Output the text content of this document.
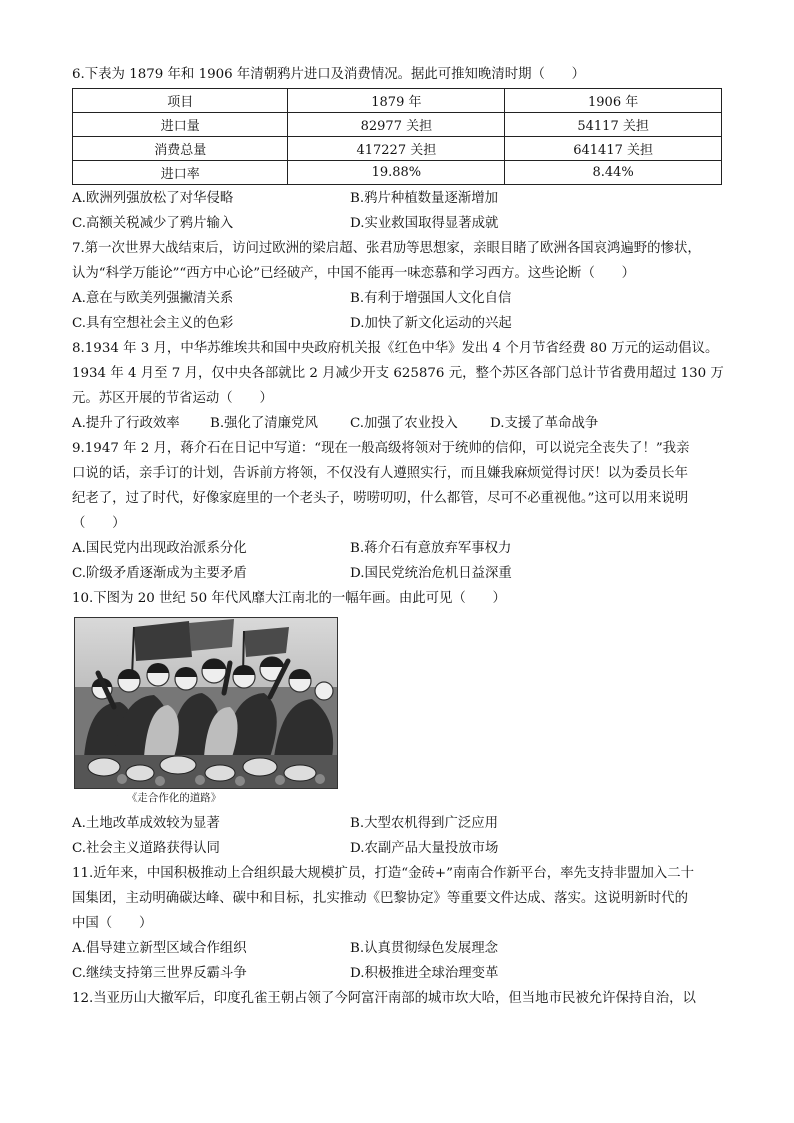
6.下表为 1879 年和 1906 年清朝鸦片进口及消费情况。据此可推知晚清时期（　　）
项目	1879 年	1906 年
进口量	82977 关担	54117 关担
消费总量	417227 关担	641417 关担
进口率	19.88%	8.44%
A.欧洲列强放松了对华侵略	B.鸦片种植数量逐渐增加
C.高额关税减少了鸦片输入	D.实业救国取得显著成就
7.第一次世界大战结束后，访问过欧洲的梁启超、张君劢等思想家，亲眼目睹了欧洲各国哀鸿遍野的惨状，
认为“科学万能论”“西方中心论”已经破产，中国不能再一味恋慕和学习西方。这些论断（　　）
A.意在与欧美列强撇清关系	B.有利于增强国人文化自信
C.具有空想社会主义的色彩	D.加快了新文化运动的兴起
8.1934 年 3 月，中华苏维埃共和国中央政府机关报《红色中华》发出 4 个月节省经费 80 万元的运动倡议。
1934 年 4 月至 7 月，仅中央各部就比 2 月减少开支 625876 元，整个苏区各部门总计节省费用超过 130 万
元。苏区开展的节省运动（　　）
A.提升了行政效率	B.强化了清廉党风	C.加强了农业投入	D.支援了革命战争
9.1947 年 2 月，蒋介石在日记中写道：“现在一般高级将领对于统帅的信仰，可以说完全丧失了！”我亲
口说的话，亲手订的计划，告诉前方将领，不仅没有人遵照实行，而且嫌我麻烦觉得讨厌！以为委员长年
纪老了，过了时代，好像家庭里的一个老头子，唠唠叨叨，什么都管，尽可不必重视他。”这可以用来说明
（　　）
A.国民党内出现政治派系分化	B.蒋介石有意放弃军事权力
C.阶级矛盾逐渐成为主要矛盾	D.国民党统治危机日益深重
10.下图为 20 世纪 50 年代风靡大江南北的一幅年画。由此可见（　　）
《走合作化的道路》
A.土地改革成效较为显著	B.大型农机得到广泛应用
C.社会主义道路获得认同	D.农副产品大量投放市场
11.近年来，中国积极推动上合组织最大规模扩员，打造“金砖+”南南合作新平台，率先支持非盟加入二十
国集团，主动明确碳达峰、碳中和目标，扎实推动《巴黎协定》等重要文件达成、落实。这说明新时代的
中国（　　）
A.倡导建立新型区域合作组织	B.认真贯彻绿色发展理念
C.继续支持第三世界反霸斗争	D.积极推进全球治理变革
12.当亚历山大撤军后，印度孔雀王朝占领了今阿富汗南部的城市坎大哈，但当地市民被允许保持自治，以
